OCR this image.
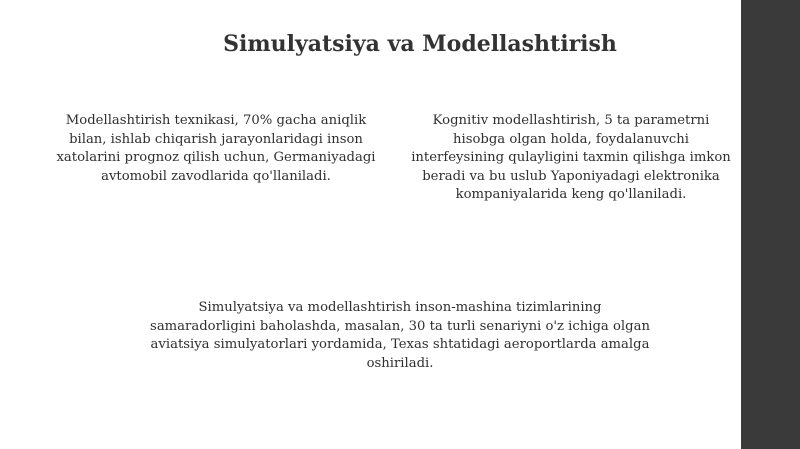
Simulyatsiya va Modellashtirish

Modellashtirish texnikasi, 70% gacha aniqlik bilan, ishlab chiqarish jarayonlaridagi inson xatolarini prognoz qilish uchun, Germaniyadagi avtomobil zavodlarida qo'llaniladi.

Kognitiv modellashtirish, 5 ta parametrni
hisobga olgan holda, foydalanuvchi
interfeysining qulayligini taxmin qilishga imkon
beradi va bu uslub Yaponiyadagi elektronika
kompaniyalarida keng qo'llaniladi.

Simulyatsiya va modellashtirish inson-mashina tizimlarining samaradorligini baholashda, masalan, 30 ta turli senariyni o'z ichiga olgan aviatsiya simulyatorlari yordamida, Texas shtatidagi aeroportlarda amalga oshiriladi.
